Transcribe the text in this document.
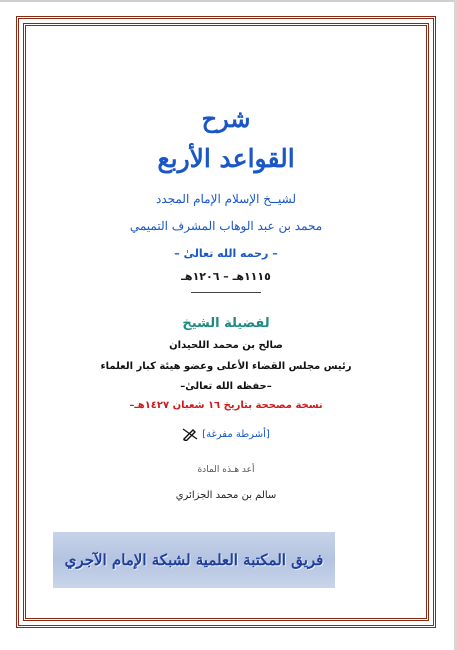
شرح
القواعد الأربع
لشيــخ الإسلام الإمام المجدد
محمد بن عبد الوهاب المشرف التميمي
– رحمه الله تعالىٰ –
١١١٥هـ – ١٢٠٦هـ
لفضيلة الشيخ
صالح بن محمد اللحيدان
رئيس مجلس القضاء الأعلى وعضو هيئة كبار العلماء
–حفظه الله تعالىٰ–
نسخة مصححة بتاريخ ١٦ شعبان ١٤٢٧هـ–
[أشرطة مفرغة]
أعد هـذه المادة
سالم بن محمد الجزائري
فريق المكتبة العلمية لشبكة الإمام الآجري
